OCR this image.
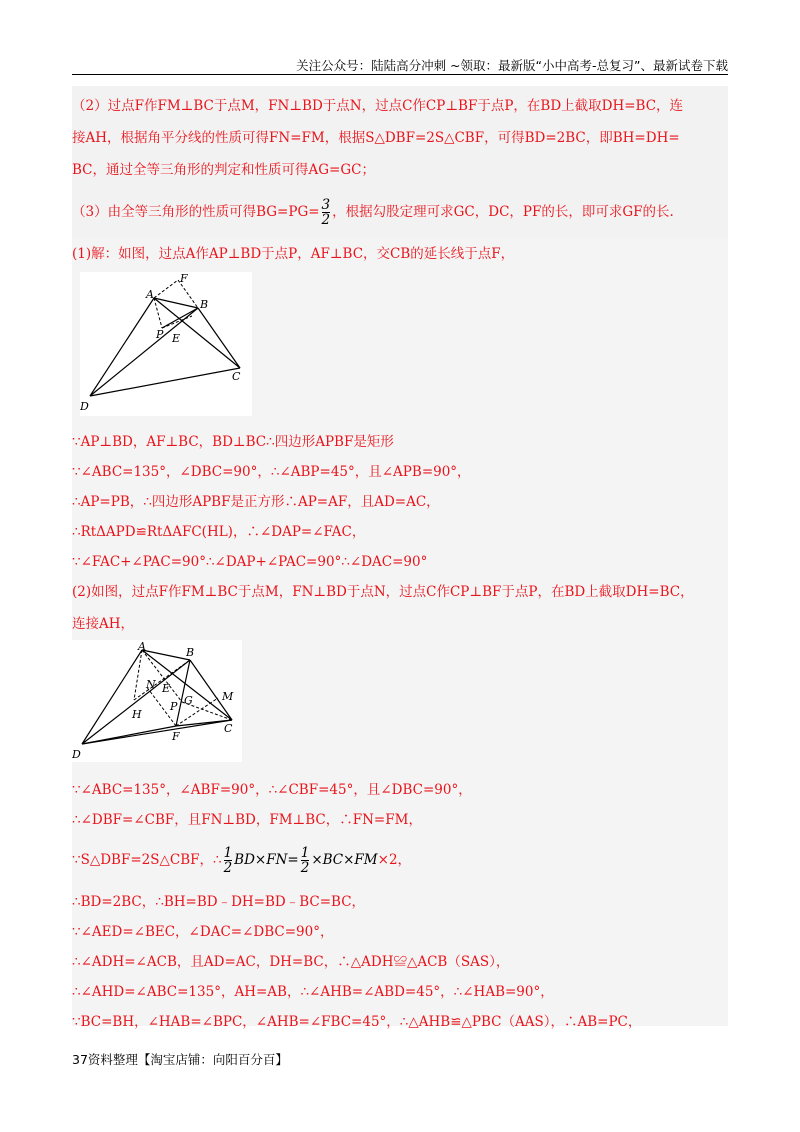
关注公众号：陆陆高分冲刺 ~领取：最新版“小中高考-总复习”、最新试卷下载
（2）过点F作FM⊥BC于点M，FN⊥BD于点N，过点C作CP⊥BF于点P，在BD上截取DH=BC，连
接AH，根据角平分线的性质可得FN=FM，根据S△DBF=2S△CBF，可得BD=2BC，即BH=DH=
BC，通过全等三角形的判定和性质可得AG=GC；
（3）由全等三角形的性质可得$BG=PG= \frac{3}{2}$ ，根据勾股定理可求GC，DC，PF的长，即可求GF的长.
(1)解：如图，过点A作AP⊥BD于点P，AF⊥BC，交CB的延长线于点F，
A
B
C
D
E
F
P
∵AP⊥BD，AF⊥BC，BD⊥BC∴四边形APBF是矩形
∵∠ABC=135°，∠DBC=90°，∴∠ABP=45°，且∠APB=90°，
∴AP=PB，∴四边形APBF是正方形∴AP=AF，且AD=AC，
∴RtΔAPD≌RtΔAFC(HL)，∴∠DAP=∠FAC，
∵∠FAC+∠PAC=90°∴∠DAP+∠PAC=90°∴∠DAC=90°
(2)如图，过点F作FM⊥BC于点M，FN⊥BD于点N，过点C作CP⊥BF于点P，在BD上截取DH=BC，
连接AH，
A	B
C
D
E
F
G
H
M
N
P
∵∠ABC=135°，∠ABF=90°，∴∠CBF=45°，且∠DBC=90°，
∴∠DBF=∠CBF，且FN⊥BD，FM⊥BC，∴FN=FM，
∵S△DBF=2S△CBF，∴ $\frac{1}{2} BD\times FN= \frac{1}{2} \times BC\times FM\times 2$，
∴BD=2BC，∴BH=BD﹣DH=BD﹣BC=BC，
∵∠AED=∠BEC，∠DAC=∠DBC=90°，
∴∠ADH=∠ACB，且AD=AC，DH=BC，∴△ADH≌△ACB（SAS），
∴∠AHD=∠ABC=135°，AH=AB，∴∠AHB=∠ABD=45°，∴∠HAB=90°，
∵BC=BH，∠HAB=∠BPC，∠AHB=∠FBC=45°，∴△AHB≌△PBC（AAS），∴AB=PC，
37资料整理【淘宝店铺：向阳百分百】
